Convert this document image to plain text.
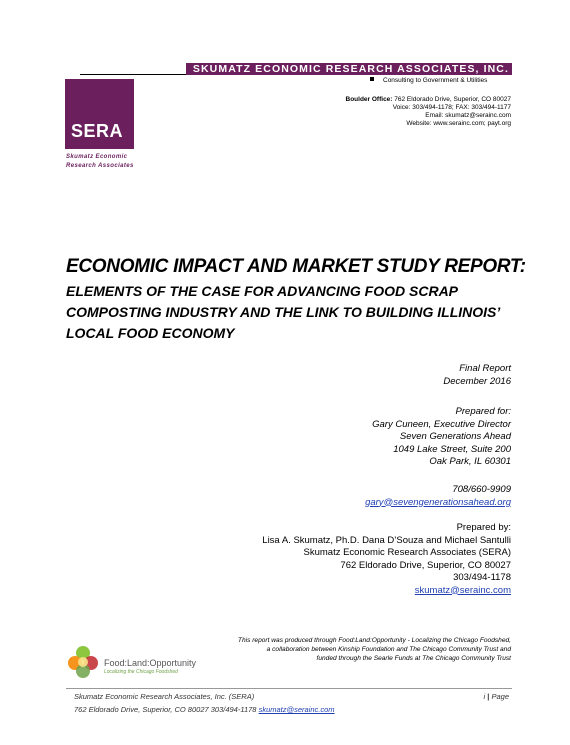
SKUMATZ ECONOMIC RESEARCH ASSOCIATES, INC.
Consulting to Government & Utilities
SERA
Skumatz Economic
Research Associates
Boulder Office: 762 Eldorado Drive, Superior, CO 80027
Voice: 303/494-1178; FAX: 303/494-1177
Email: skumatz@serainc.com
Website: www.serainc.com; payt.org
ECONOMIC IMPACT AND MARKET STUDY REPORT:
ELEMENTS OF THE CASE FOR ADVANCING FOOD SCRAP
COMPOSTING INDUSTRY AND THE LINK TO BUILDING ILLINOIS’
LOCAL FOOD ECONOMY
Final Report
December 2016
Prepared for:
Gary Cuneen, Executive Director
Seven Generations Ahead
1049 Lake Street, Suite 200
Oak Park, IL 60301
708/660-9909
gary@sevengenerationsahead.org
Prepared by:
Lisa A. Skumatz, Ph.D. Dana D’Souza and Michael Santulli
Skumatz Economic Research Associates (SERA)
762 Eldorado Drive, Superior, CO 80027
303/494-1178
skumatz@serainc.com
This report was produced through Food:Land:Opportunity - Localizing the Chicago Foodshed,
a collaboration between Kinship Foundation and The Chicago Community Trust and
funded through the Searle Funds at The Chicago Community Trust
Food:Land:Opportunity
Localizing the Chicago Foodshed
Skumatz Economic Research Associates, Inc. (SERA)
762 Eldorado Drive, Superior, CO 80027 303/494-1178 skumatz@serainc.com
i | Page
